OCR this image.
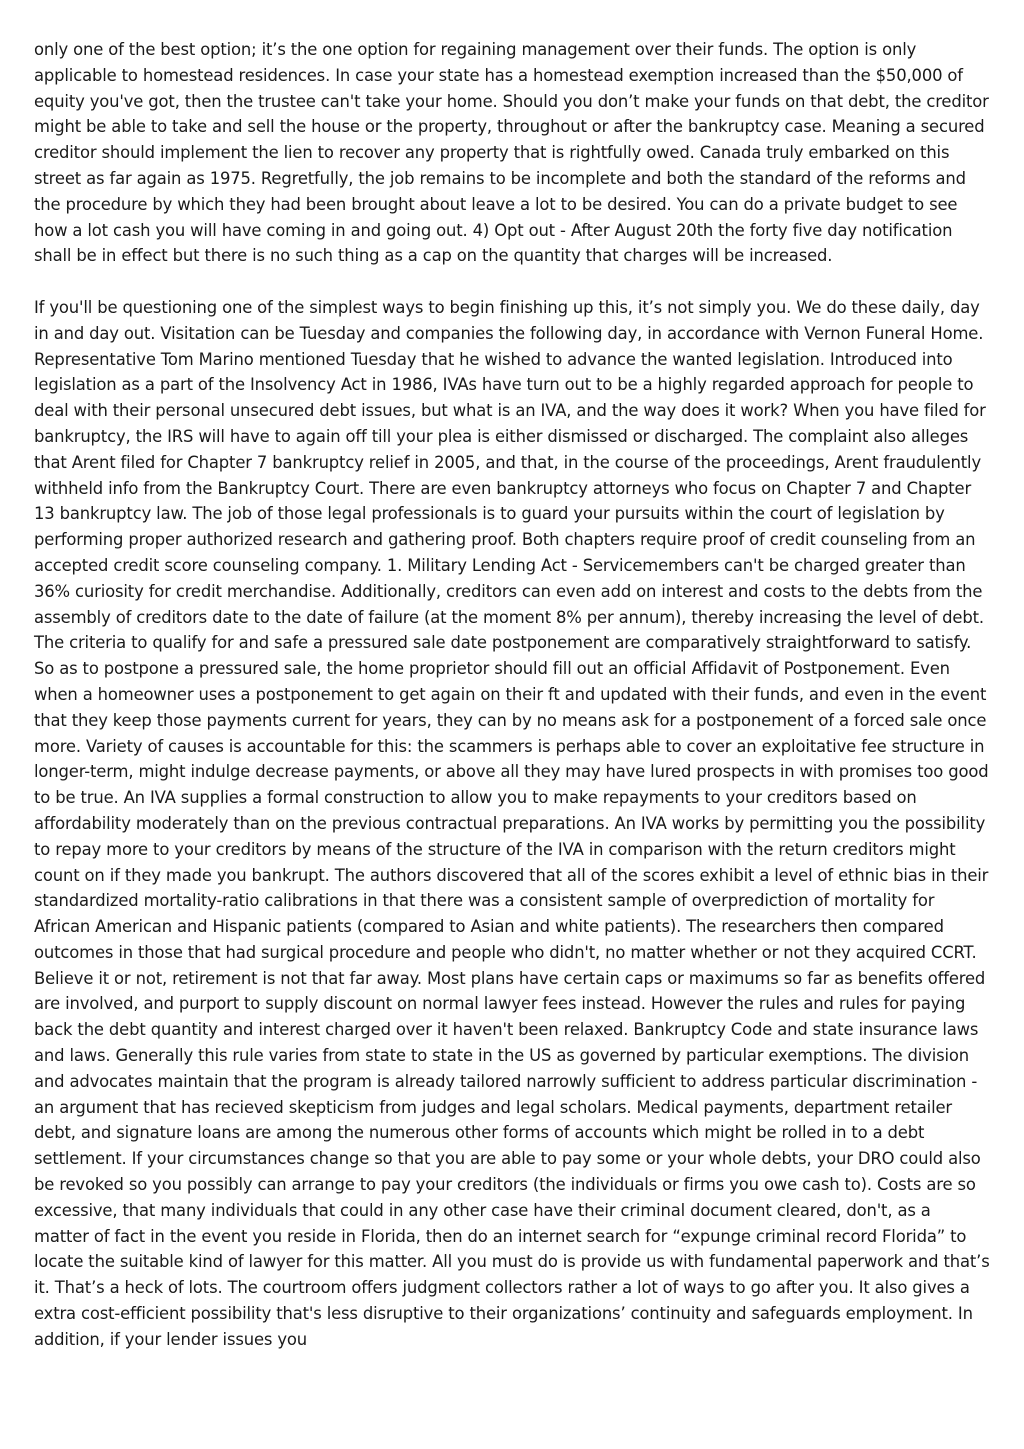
only one of the best option; it’s the one option for regaining management over their funds. The option is only applicable to homestead residences. In case your state has a homestead exemption increased than the $50,000 of equity you've got, then the trustee can't take your home. Should you don’t make your funds on that debt, the creditor might be able to take and sell the house or the property, throughout or after the bankruptcy case. Meaning a secured creditor should implement the lien to recover any property that is rightfully owed. Canada truly embarked on this street as far again as 1975. Regretfully, the job remains to be incomplete and both the standard of the reforms and the procedure by which they had been brought about leave a lot to be desired. You can do a private budget to see how a lot cash you will have coming in and going out. 4) Opt out - After August 20th the forty five day notification shall be in effect but there is no such thing as a cap on the quantity that charges will be increased.

If you'll be questioning one of the simplest ways to begin finishing up this, it’s not simply you. We do these daily, day in and day out. Visitation can be Tuesday and companies the following day, in accordance with Vernon Funeral Home. Representative Tom Marino mentioned Tuesday that he wished to advance the wanted legislation. Introduced into legislation as a part of the Insolvency Act in 1986, IVAs have turn out to be a highly regarded approach for people to deal with their personal unsecured debt issues, but what is an IVA, and the way does it work? When you have filed for bankruptcy, the IRS will have to again off till your plea is either dismissed or discharged. The complaint also alleges that Arent filed for Chapter 7 bankruptcy relief in 2005, and that, in the course of the proceedings, Arent fraudulently withheld info from the Bankruptcy Court. There are even bankruptcy attorneys who focus on Chapter 7 and Chapter 13 bankruptcy law. The job of those legal professionals is to guard your pursuits within the court of legislation by performing proper authorized research and gathering proof. Both chapters require proof of credit counseling from an accepted credit score counseling company. 1. Military Lending Act - Servicemembers can't be charged greater than 36% curiosity for credit merchandise. Additionally, creditors can even add on interest and costs to the debts from the assembly of creditors date to the date of failure (at the moment 8% per annum), thereby increasing the level of debt. The criteria to qualify for and safe a pressured sale date postponement are comparatively straightforward to satisfy. So as to postpone a pressured sale, the home proprietor should fill out an official Affidavit of Postponement. Even when a homeowner uses a postponement to get again on their ft and updated with their funds, and even in the event that they keep those payments current for years, they can by no means ask for a postponement of a forced sale once more. Variety of causes is accountable for this: the scammers is perhaps able to cover an exploitative fee structure in longer-term, might indulge decrease payments, or above all they may have lured prospects in with promises too good to be true. An IVA supplies a formal construction to allow you to make repayments to your creditors based on affordability moderately than on the previous contractual preparations. An IVA works by permitting you the possibility to repay more to your creditors by means of the structure of the IVA in comparison with the return creditors might count on if they made you bankrupt. The authors discovered that all of the scores exhibit a level of ethnic bias in their standardized mortality-ratio calibrations in that there was a consistent sample of overprediction of mortality for African American and Hispanic patients (compared to Asian and white patients). The researchers then compared outcomes in those that had surgical procedure and people who didn't, no matter whether or not they acquired CCRT. Believe it or not, retirement is not that far away. Most plans have certain caps or maximums so far as benefits offered are involved, and purport to supply discount on normal lawyer fees instead. However the rules and rules for paying back the debt quantity and interest charged over it haven't been relaxed. Bankruptcy Code and state insurance laws and laws. Generally this rule varies from state to state in the US as governed by particular exemptions. The division and advocates maintain that the program is already tailored narrowly sufficient to address particular discrimination - an argument that has recieved skepticism from judges and legal scholars. Medical payments, department retailer debt, and signature loans are among the numerous other forms of accounts which might be rolled in to a debt settlement. If your circumstances change so that you are able to pay some or your whole debts, your DRO could also be revoked so you possibly can arrange to pay your creditors (the individuals or firms you owe cash to). Costs are so excessive, that many individuals that could in any other case have their criminal document cleared, don't, as a matter of fact in the event you reside in Florida, then do an internet search for “expunge criminal record Florida” to locate the suitable kind of lawyer for this matter. All you must do is provide us with fundamental paperwork and that’s it. That’s a heck of lots. The courtroom offers judgment collectors rather a lot of ways to go after you. It also gives a extra cost-efficient possibility that's less disruptive to their organizations’ continuity and safeguards employment. In addition, if your lender issues you
